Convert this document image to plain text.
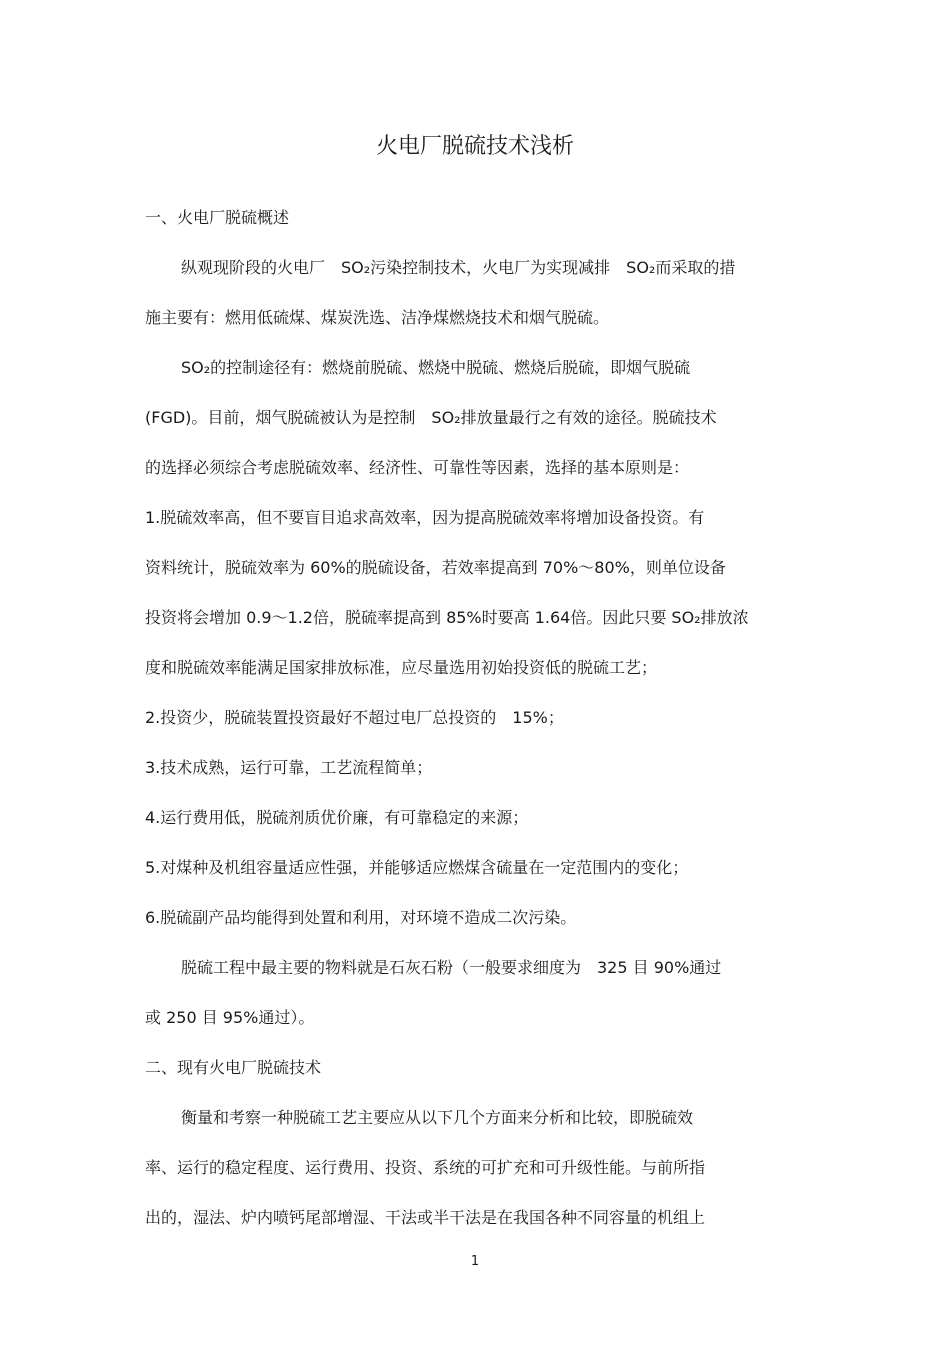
火电厂脱硫技术浅析
一、火电厂脱硫概述
纵观现阶段的火电厂　SO₂污染控制技术，火电厂为实现减排　SO₂而采取的措
施主要有：燃用低硫煤、煤炭洗选、洁净煤燃烧技术和烟气脱硫。
SO₂的控制途径有：燃烧前脱硫、燃烧中脱硫、燃烧后脱硫，即烟气脱硫
(FGD)。目前，烟气脱硫被认为是控制　SO₂排放量最行之有效的途径。脱硫技术
的选择必须综合考虑脱硫效率、经济性、可靠性等因素，选择的基本原则是：
1.脱硫效率高，但不要盲目追求高效率，因为提高脱硫效率将增加设备投资。有
资料统计，脱硫效率为 60%的脱硫设备，若效率提高到 70%～80%，则单位设备
投资将会增加 0.9～1.2倍，脱硫率提高到 85%时要高 1.64倍。因此只要 SO₂排放浓
度和脱硫效率能满足国家排放标准，应尽量选用初始投资低的脱硫工艺；
2.投资少，脱硫装置投资最好不超过电厂总投资的　15%；
3.技术成熟，运行可靠，工艺流程简单；
4.运行费用低，脱硫剂质优价廉，有可靠稳定的来源；
5.对煤种及机组容量适应性强，并能够适应燃煤含硫量在一定范围内的变化；
6.脱硫副产品均能得到处置和利用，对环境不造成二次污染。
脱硫工程中最主要的物料就是石灰石粉（一般要求细度为　325 目 90%通过
或 250 目 95%通过）。
二、现有火电厂脱硫技术
衡量和考察一种脱硫工艺主要应从以下几个方面来分析和比较，即脱硫效
率、运行的稳定程度、运行费用、投资、系统的可扩充和可升级性能。与前所指
出的，湿法、炉内喷钙尾部增湿、干法或半干法是在我国各种不同容量的机组上
1
